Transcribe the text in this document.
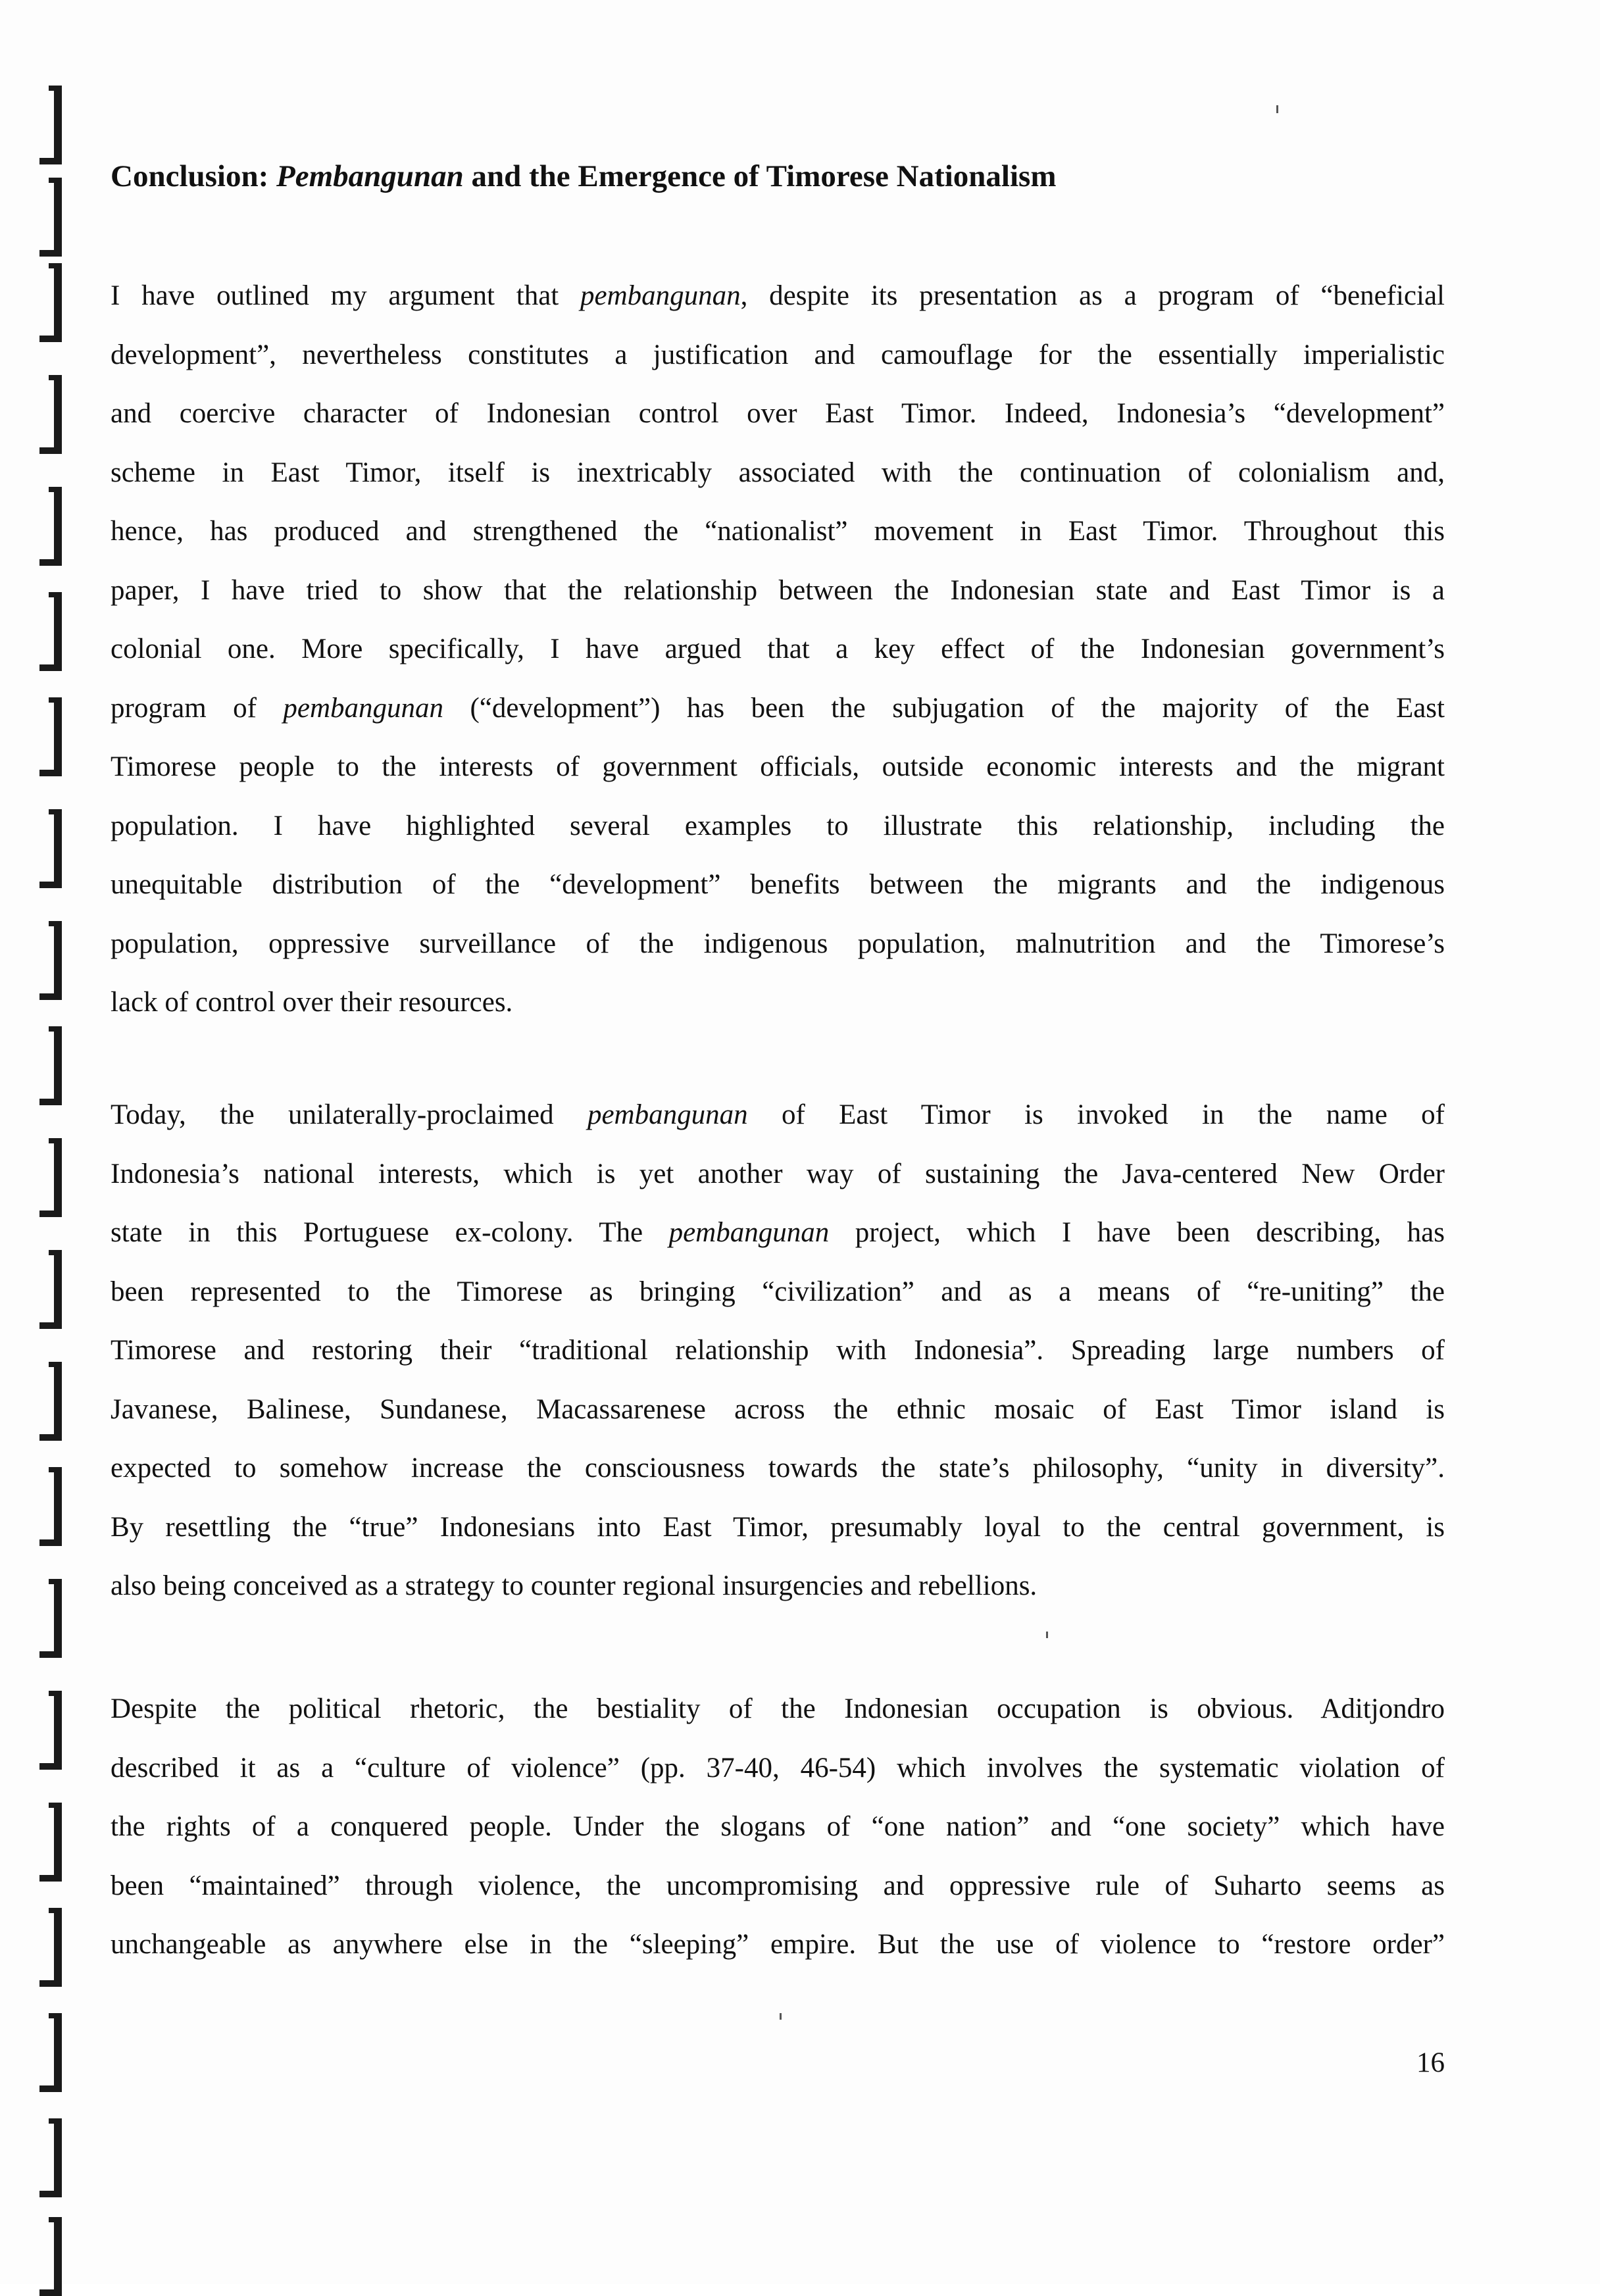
Conclusion: Pembangunan and the Emergence of Timorese Nationalism
I have outlined my argument that pembangunan, despite its presentation as a program of “beneficial
development”, nevertheless constitutes a justification and camouflage for the essentially imperialistic
and coercive character of Indonesian control over East Timor. Indeed, Indonesia’s “development”
scheme in East Timor, itself is inextricably associated with the continuation of colonialism and,
hence, has produced and strengthened the “nationalist” movement in East Timor. Throughout this
paper, I have tried to show that the relationship between the Indonesian state and East Timor is a
colonial one. More specifically, I have argued that a key effect of the Indonesian government’s
program of pembangunan (“development”) has been the subjugation of the majority of the East
Timorese people to the interests of government officials, outside economic interests and the migrant
population. I have highlighted several examples to illustrate this relationship, including the
unequitable distribution of the “development” benefits between the migrants and the indigenous
population, oppressive surveillance of the indigenous population, malnutrition and the Timorese’s
lack of control over their resources.
Today, the unilaterally-proclaimed pembangunan of East Timor is invoked in the name of
Indonesia’s national interests, which is yet another way of sustaining the Java-centered New Order
state in this Portuguese ex-colony. The pembangunan project, which I have been describing, has
been represented to the Timorese as bringing “civilization” and as a means of “re-uniting” the
Timorese and restoring their “traditional relationship with Indonesia”. Spreading large numbers of
Javanese, Balinese, Sundanese, Macassarenese across the ethnic mosaic of East Timor island is
expected to somehow increase the consciousness towards the state’s philosophy, “unity in diversity”.
By resettling the “true” Indonesians into East Timor, presumably loyal to the central government, is
also being conceived as a strategy to counter regional insurgencies and rebellions.
Despite the political rhetoric, the bestiality of the Indonesian occupation is obvious. Aditjondro
described it as a “culture of violence” (pp. 37-40, 46-54) which involves the systematic violation of
the rights of a conquered people. Under the slogans of “one nation” and “one society” which have
been “maintained” through violence, the uncompromising and oppressive rule of Suharto seems as
unchangeable as anywhere else in the “sleeping” empire. But the use of violence to “restore order”
16
